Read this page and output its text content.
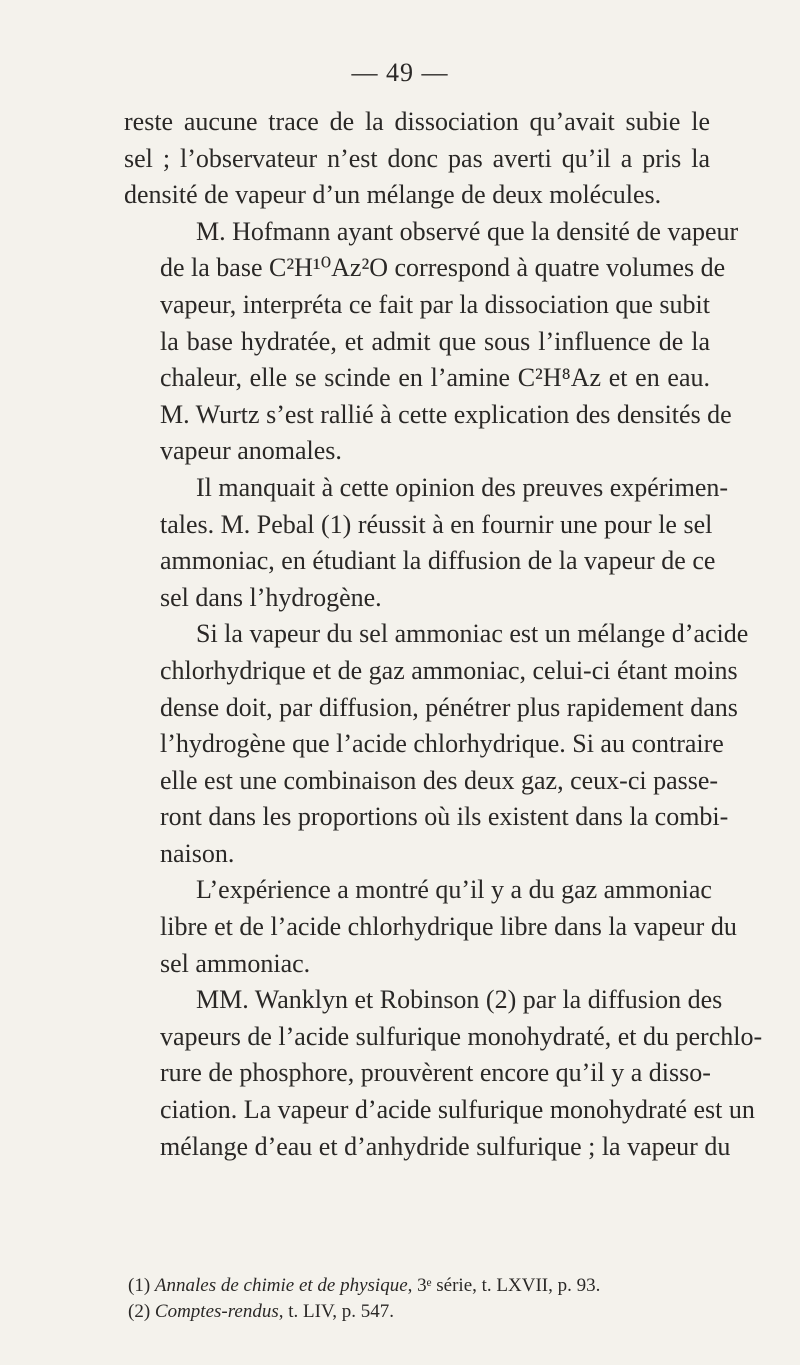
— 49 —

reste aucune trace de la dissociation qu’avait subie le
sel ; l’observateur n’est donc pas averti qu’il a pris la
densité de vapeur d’un mélange de deux molécules.

M. Hofmann ayant observé que la densité de vapeur
de la base C²H¹⁰Az²O correspond à quatre volumes de
vapeur, interpréta ce fait par la dissociation que subit
la base hydratée, et admit que sous l’influence de la
chaleur, elle se scinde en l’amine C²H⁸Az et en eau.
M. Wurtz s’est rallié à cette explication des densités de
vapeur anomales.

Il manquait à cette opinion des preuves expérimen-
tales. M. Pebal (1) réussit à en fournir une pour le sel
ammoniac, en étudiant la diffusion de la vapeur de ce
sel dans l’hydrogène.

Si la vapeur du sel ammoniac est un mélange d’acide
chlorhydrique et de gaz ammoniac, celui-ci étant moins
dense doit, par diffusion, pénétrer plus rapidement dans
l’hydrogène que l’acide chlorhydrique. Si au contraire
elle est une combinaison des deux gaz, ceux-ci passe-
ront dans les proportions où ils existent dans la combi-
naison.

L’expérience a montré qu’il y a du gaz ammoniac
libre et de l’acide chlorhydrique libre dans la vapeur du
sel ammoniac.

MM. Wanklyn et Robinson (2) par la diffusion des
vapeurs de l’acide sulfurique monohydraté, et du perchlo-
rure de phosphore, prouvèrent encore qu’il y a disso-
ciation. La vapeur d’acide sulfurique monohydraté est un
mélange d’eau et d’anhydride sulfurique ; la vapeur du

(1) Annales de chimie et de physique, 3ᵉ série, t. LXVII, p. 93.
(2) Comptes-rendus, t. LIV, p. 547.
